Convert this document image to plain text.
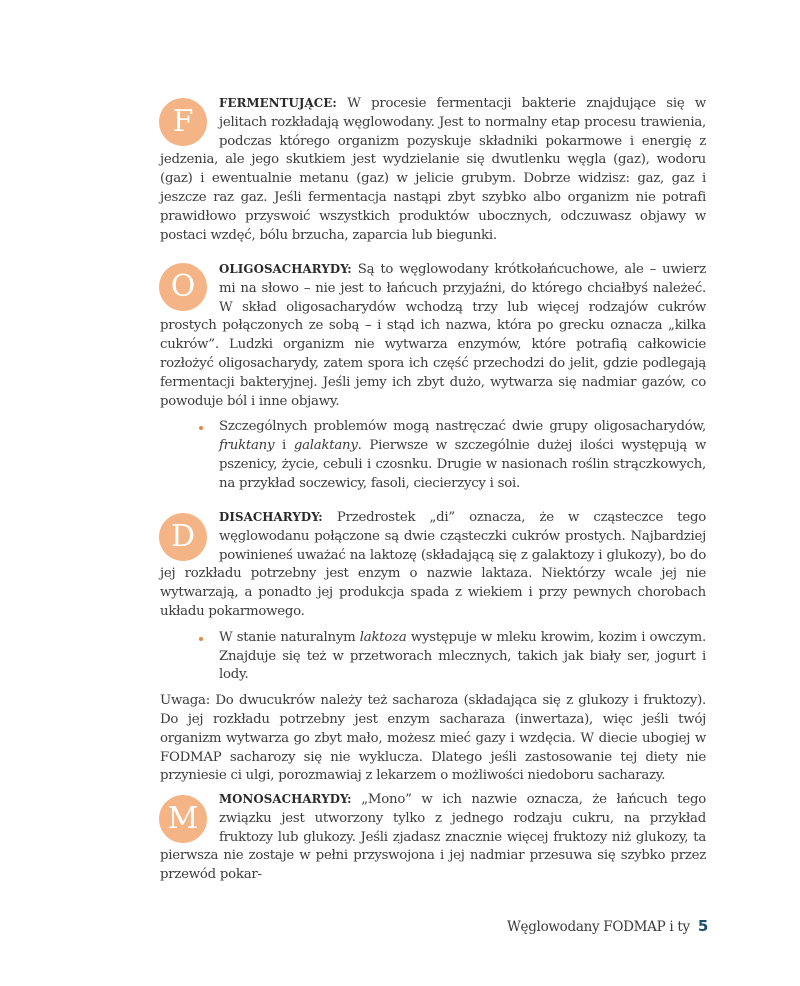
F

FERMENTUJĄCE: W procesie fermentacji bakterie znajdujące się w jelitach rozkładają węglowodany. Jest to normalny etap procesu trawienia, podczas którego organizm pozyskuje składniki pokarmowe i energię z jedzenia, ale jego skutkiem jest wydzielanie się dwutlenku węgla (gaz), wodoru (gaz) i ewentualnie metanu (gaz) w jelicie grubym. Dobrze widzisz: gaz, gaz i jeszcze raz gaz. Jeśli fermentacja nastąpi zbyt szybko albo organizm nie potrafi prawidłowo przyswoić wszystkich produktów ubocznych, odczuwasz objawy w postaci wzdęć, bólu brzucha, zaparcia lub biegunki.

O	OLIGOSACHARYDY: Są to węglowodany krótkołańcuchowe, ale – uwierz mi na słowo – nie jest to łańcuch przyjaźni, do którego chciałbyś należeć. W skład oligosacharydów wchodzą trzy lub więcej rodzajów cukrów prostych połączonych ze sobą – i stąd ich nazwa, która po grecku oznacza „kilka cukrów”. Ludzki organizm nie wytwarza enzymów, które potrafią całkowicie rozłożyć oligosacharydy, zatem spora ich część przechodzi do jelit, gdzie podlegają fermentacji bakteryjnej. Jeśli jemy ich zbyt dużo, wytwarza się nadmiar gazów, co powoduje ból i inne objawy.

Szczególnych problemów mogą nastręczać dwie grupy oligosacharydów, fruktany i galaktany. Pierwsze w szczególnie dużej ilości występują w pszenicy, życie, cebuli i czosnku. Drugie w nasionach roślin strączkowych, na przykład soczewicy, fasoli, ciecierzycy i soi.
D

DISACHARYDY: Przedrostek „di” oznacza, że w cząsteczce tego węglowodanu połączone są dwie cząsteczki cukrów prostych. Najbardziej powinieneś uważać na laktozę (składającą się z galaktozy i glukozy), bo do jej rozkładu potrzebny jest enzym o nazwie laktaza. Niektórzy wcale jej nie wytwarzają, a ponadto jej produkcja spada z wiekiem i przy pewnych chorobach układu pokarmowego.

W stanie naturalnym laktoza występuje w mleku krowim, kozim i owczym. Znajduje się też w przetworach mlecznych, takich jak biały ser, jogurt i lody.

Uwaga: Do dwucukrów należy też sacharoza (składająca się z glukozy i fruktozy). Do jej rozkładu potrzebny jest enzym sacharaza (inwertaza), więc jeśli twój organizm wytwarza go zbyt mało, możesz mieć gazy i wzdęcia. W diecie ubogiej w FODMAP sacharozy się nie wyklucza. Dlatego jeśli zastosowanie tej diety nie przyniesie ci ulgi, porozmawiaj z lekarzem o możliwości niedoboru sacharazy.

M

MONOSACHARYDY: „Mono” w ich nazwie oznacza, że łańcuch tego związku jest utworzony tylko z jednego rodzaju cukru, na przykład fruktozy lub glukozy. Jeśli zjadasz znacznie więcej fruktozy niż glukozy, ta pierwsza nie zostaje w pełni przyswojona i jej nadmiar przesuwa się szybko przez przewód pokar-

Węglowodany FODMAP i ty 5
